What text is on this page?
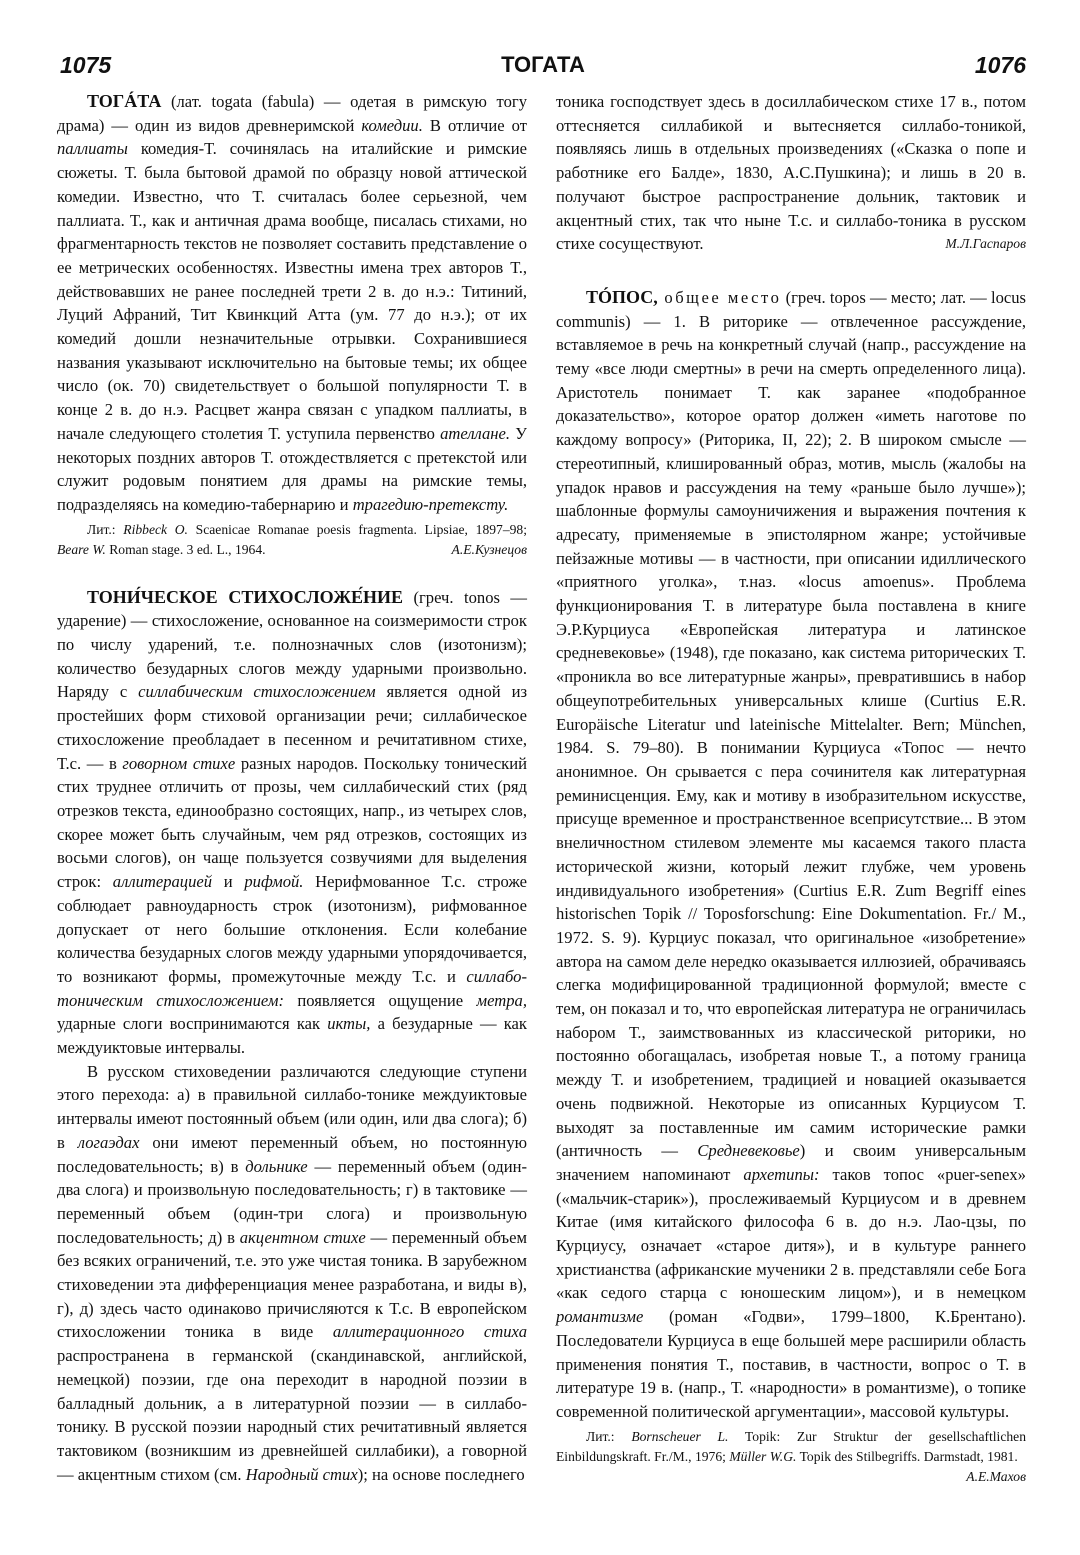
1075	ТОГАТА	1076

ТОГÁТА (лат. togata (fabula) — одетая в римскую тогу драма) — один из видов древнеримской комедии. В отличие от паллиаты комедия-Т. сочинялась на италийские и римские сюжеты. Т. была бытовой драмой по образцу новой аттической комедии. Известно, что Т. считалась более серьезной, чем паллиата. Т., как и античная драма вообще, писалась стихами, но фрагментарность текстов не позволяет составить представление о ее метрических особенностях. Известны имена трех авторов Т., действовавших не ранее последней трети 2 в. до н.э.: Титиний, Луций Афраний, Тит Квинкций Атта (ум. 77 до н.э.); от их комедий дошли незначительные отрывки. Сохранившиеся названия указывают исключительно на бытовые темы; их общее число (ок. 70) свидетельствует о большой популярности Т. в конце 2 в. до н.э. Расцвет жанра связан с упадком паллиаты, в начале следующего столетия Т. уступила первенство ателлане. У некоторых поздних авторов Т. отождествляется с претекстой или служит родовым понятием для драмы на римские темы, подразделяясь на комедию-табернарию и трагедию-претексту.

Лит.: Ribbeck O. Scaenicae Romanae poesis fragmenta. Lipsiae, 1897–98; Beare W. Roman stage. 3 ed. L., 1964.	А.Е.Кузнецов

ТОНИ́ЧЕСКОЕ СТИХОСЛОЖЕ́НИЕ (греч. tonos — ударение) — стихосложение, основанное на соизмеримости строк по числу ударений, т.е. полнозначных слов (изотонизм); количество безударных слогов между ударными произвольно. Наряду с силлабическим стихосложением является одной из простейших форм стиховой организации речи; силлабическое стихосложение преобладает в песенном и речитативном стихе, Т.с. — в говорном стихе разных народов. Поскольку тонический стих труднее отличить от прозы, чем силлабический стих (ряд отрезков текста, единообразно состоящих, напр., из четырех слов, скорее может быть случайным, чем ряд отрезков, состоящих из восьми слогов), он чаще пользуется созвучиями для выделения строк: аллитерацией и рифмой. Нерифмованное Т.с. строже соблюдает равноударность строк (изотонизм), рифмованное допускает от него большие отклонения. Если колебание количества безударных слогов между ударными упорядочивается, то возникают формы, промежуточные между Т.с. и силлабо-тоническим стихосложением: появляется ощущение метра, ударные слоги воспринимаются как икты, а безударные — как междуиктовые интервалы.

В русском стиховедении различаются следующие ступени этого перехода: а) в правильной силлабо-тонике междуиктовые интервалы имеют постоянный объем (или один, или два слога); б) в логаэдах они имеют переменный объем, но постоянную последовательность; в) в дольнике — переменный объем (один-два слога) и произвольную последовательность; г) в тактовике — переменный объем (один-три слога) и произвольную последовательность; д) в акцентном стихе — переменный объем без всяких ограничений, т.е. это уже чистая тоника. В зарубежном стиховедении эта дифференциация менее разработана, и виды в), г), д) здесь часто одинаково причисляются к Т.с. В европейском стихосложении тоника в виде аллитерационного стиха распространена в германской (скандинавской, английской, немецкой) поэзии, где она переходит в народной поэзии в балладный дольник, а в литературной поэзии — в силлабо-тонику. В русской поэзии народный стих речитативный является тактовиком (возникшим из древнейшей силлабики), а говорной — акцентным стихом (см. Народный стих); на основе последнего

тоника господствует здесь в досиллабическом стихе 17 в., потом оттесняется силлабикой и вытесняется силлабо-тоникой, появляясь лишь в отдельных произведениях («Сказка о попе и работнике его Балде», 1830, А.С.Пушкина); и лишь в 20 в. получают быстрое распространение дольник, тактовик и акцентный стих, так что ныне Т.с. и силлабо-тоника в русском стихе сосуществуют.	М.Л.Гаспаров

ТÓПОС, общее место (греч. topos — место; лат. — locus communis) — 1. В риторике — отвлеченное рассуждение, вставляемое в речь на конкретный случай (напр., рассуждение на тему «все люди смертны» в речи на смерть определенного лица). Аристотель понимает Т. как заранее «подобранное доказательство», которое оратор должен «иметь наготове по каждому вопросу» (Риторика, II, 22); 2. В широком смысле — стереотипный, клишированный образ, мотив, мысль (жалобы на упадок нравов и рассуждения на тему «раньше было лучше»); шаблонные формулы самоуничижения и выражения почтения к адресату, применяемые в эпистолярном жанре; устойчивые пейзажные мотивы — в частности, при описании идиллического «приятного уголка», т.наз. «locus amoenus». Проблема функционирования Т. в литературе была поставлена в книге Э.Р.Курциуса «Европейская литература и латинское средневековье» (1948), где показано, как система риторических Т. «проникла во все литературные жанры», превратившись в набор общеупотребительных универсальных клише (Curtius E.R. Europäische Literatur und lateinische Mittelalter. Bern; München, 1984. S. 79–80). В понимании Курциуса «Топос — нечто анонимное. Он срывается с пера сочинителя как литературная реминисценция. Ему, как и мотиву в изобразительном искусстве, присуще временное и пространственное всеприсутствие... В этом внеличностном стилевом элементе мы касаемся такого пласта исторической жизни, который лежит глубже, чем уровень индивидуального изобретения» (Curtius E.R. Zum Begriff eines historischen Topik // Toposforschung: Eine Dokumentation. Fr./ M., 1972. S. 9). Курциус показал, что оригинальное «изобретение» автора на самом деле нередко оказывается иллюзией, обрачиваясь слегка модифицированной традиционной формулой; вместе с тем, он показал и то, что европейская литература не ограничилась набором Т., заимствованных из классической риторики, но постоянно обогащалась, изобретая новые Т., а потому граница между Т. и изобретением, традицией и новацией оказывается очень подвижной. Некоторые из описанных Курциусом Т. выходят за поставленные им самим исторические рамки (античность — Средневековье) и своим универсальным значением напоминают архетипы: таков топос «puer-senex» («мальчик-старик»), прослеживаемый Курциусом и в древнем Китае (имя китайского философа 6 в. до н.э. Лао-цзы, по Курциусу, означает «старое дитя»), и в культуре раннего христианства (африканские мученики 2 в. представляли себе Бога «как седого старца с юношеским лицом»), и в немецком романтизме (роман «Годви», 1799–1800, К.Брентано). Последователи Курциуса в еще большей мере расширили область применения понятия Т., поставив, в частности, вопрос о Т. в литературе 19 в. (напр., Т. «народности» в романтизме), о топике современной политической аргументации», массовой культуры.

Лит.: Bornscheuer L. Topik: Zur Struktur der gesellschaftlichen Einbildungskraft. Fr./M., 1976; Müller W.G. Topik des Stilbegriffs. Darmstadt, 1981.
А.Е.Махов
